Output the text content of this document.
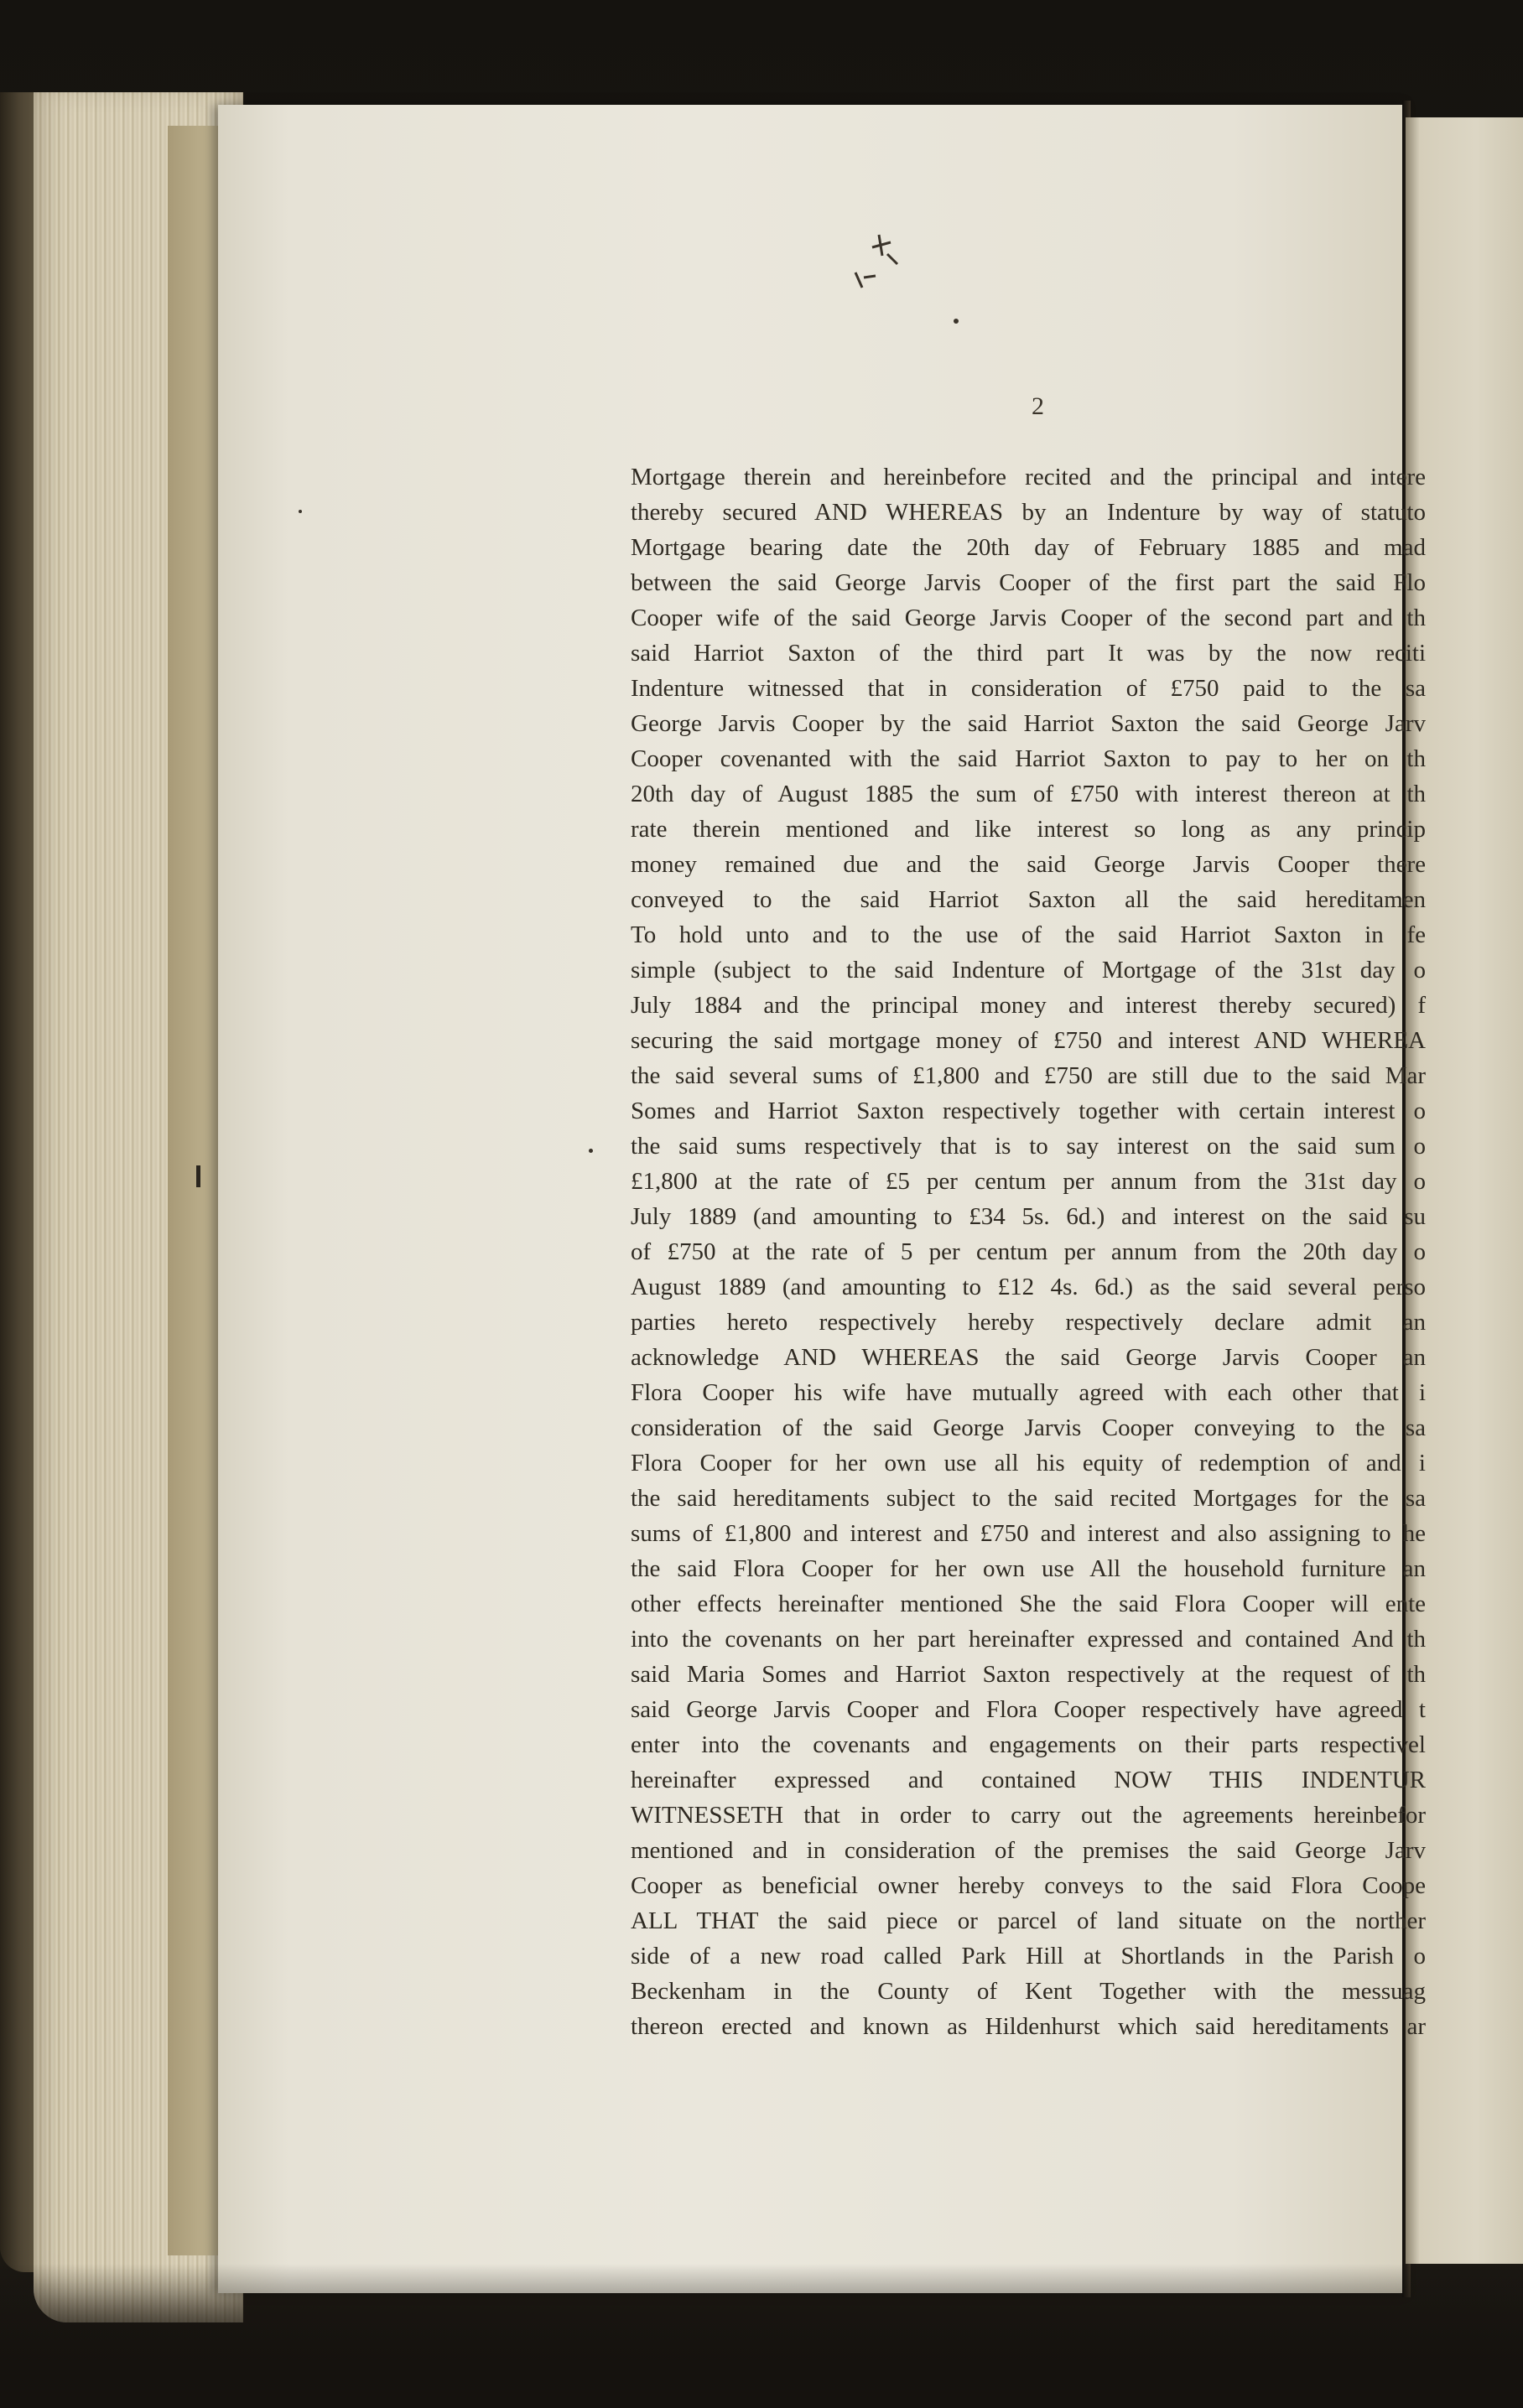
2
Mortgage therein and hereinbefore recited and the principal and intere
thereby secured AND WHEREAS by an Indenture by way of statuto
Mortgage bearing date the 20th day of February 1885 and mad
between the said George Jarvis Cooper of the first part the said Flo
Cooper wife of the said George Jarvis Cooper of the second part and th
said Harriot Saxton of the third part It was by the now reciti
Indenture witnessed that in consideration of £750 paid to the sa
George Jarvis Cooper by the said Harriot Saxton the said George Jarv
Cooper covenanted with the said Harriot Saxton to pay to her on th
20th day of August 1885 the sum of £750 with interest thereon at th
rate therein mentioned and like interest so long as any princip
money remained due and the said George Jarvis Cooper there
conveyed to the said Harriot Saxton all the said hereditamen
To hold unto and to the use of the said Harriot Saxton in fe
simple (subject to the said Indenture of Mortgage of the 31st day o
July 1884 and the principal money and interest thereby secured) f
securing the said mortgage money of £750 and interest AND WHEREA
the said several sums of £1,800 and £750 are still due to the said Mar
Somes and Harriot Saxton respectively together with certain interest o
the said sums respectively that is to say interest on the said sum o
£1,800 at the rate of £5 per centum per annum from the 31st day o
July 1889 (and amounting to £34 5s. 6d.) and interest on the said su
of £750 at the rate of 5 per centum per annum from the 20th day o
August 1889 (and amounting to £12 4s. 6d.) as the said several perso
parties hereto respectively hereby respectively declare admit an
acknowledge AND WHEREAS the said George Jarvis Cooper an
Flora Cooper his wife have mutually agreed with each other that i
consideration of the said George Jarvis Cooper conveying to the sa
Flora Cooper for her own use all his equity of redemption of and i
the said hereditaments subject to the said recited Mortgages for the sa
sums of £1,800 and interest and £750 and interest and also assigning to he
the said Flora Cooper for her own use All the household furniture an
other effects hereinafter mentioned She the said Flora Cooper will ente
into the covenants on her part hereinafter expressed and contained And th
said Maria Somes and Harriot Saxton respectively at the request of th
said George Jarvis Cooper and Flora Cooper respectively have agreed t
enter into the covenants and engagements on their parts respectivel
hereinafter expressed and contained NOW THIS INDENTUR
WITNESSETH that in order to carry out the agreements hereinbefor
mentioned and in consideration of the premises the said George Jarv
Cooper as beneficial owner hereby conveys to the said Flora Coope
ALL THAT the said piece or parcel of land situate on the norther
side of a new road called Park Hill at Shortlands in the Parish o
Beckenham in the County of Kent Together with the messuag
thereon erected and known as Hildenhurst which said hereditaments ar
